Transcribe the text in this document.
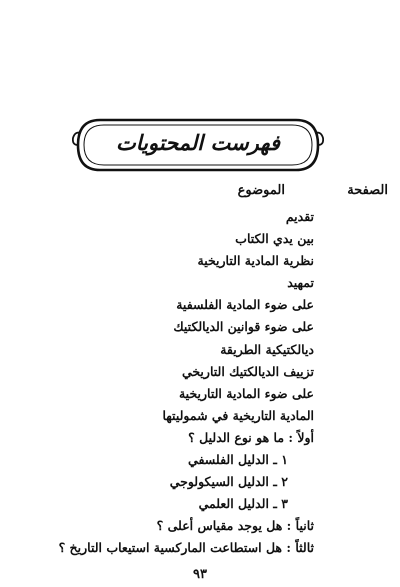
فهرست المحتويات
الصفحة
الموضوع
تقديم
بين يدي الكتاب
نظرية المادية التاريخية
تمهيد
على ضوء المادية الفلسفية
على ضوء قوانين الديالكتيك
ديالكتيكية الطريقة
تزييف الديالكتيك التاريخي
على ضوء المادية التاريخية
المادية التاريخية في شموليتها
أولاً : ما هو نوع الدليل ؟
١ ـ الدليل الفلسفي
٢ ـ الدليل السيكولوجي
٣ ـ الدليل العلمي
ثانياً : هل يوجد مقياس أعلى ؟
ثالثاً : هل استطاعت الماركسية استيعاب التاريخ ؟
٩٣
